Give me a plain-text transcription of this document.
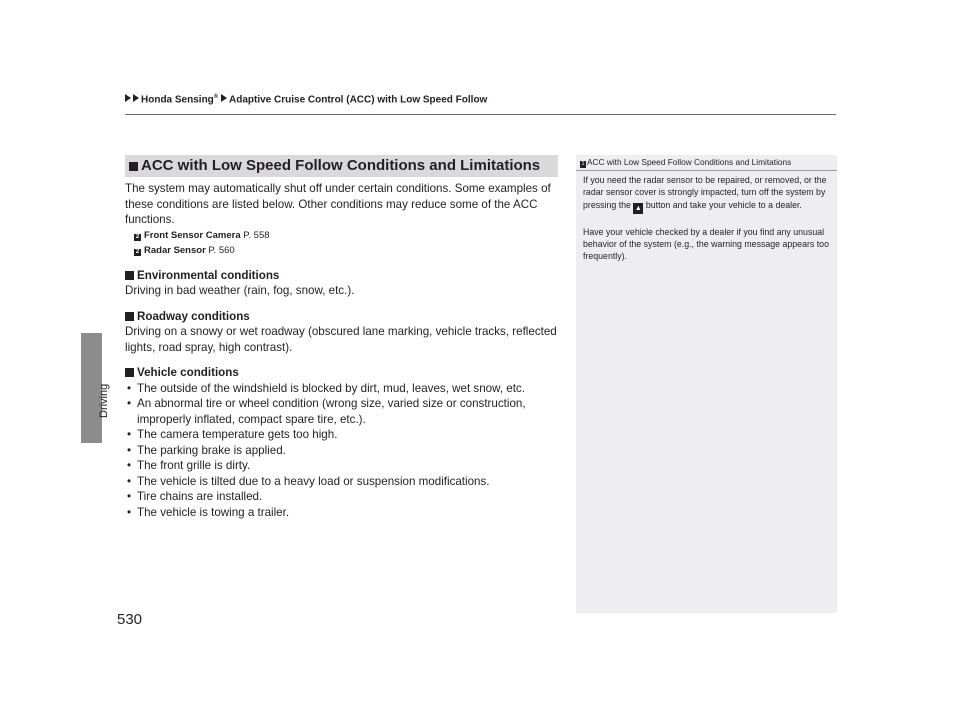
Honda Sensing® Adaptive Cruise Control (ACC) with Low Speed Follow
Driving
ACC with Low Speed Follow Conditions and Limitations

The system may automatically shut off under certain conditions. Some examples of these conditions are listed below. Other conditions may reduce some of the ACC functions.

2 Front Sensor Camera P. 558
2 Radar Sensor P. 560
Environmental conditions

Driving in bad weather (rain, fog, snow, etc.).

Roadway conditions

Driving on a snowy or wet roadway (obscured lane marking, vehicle tracks, reflected lights, road spray, high contrast).

Vehicle conditions
• The outside of the windshield is blocked by dirt, mud, leaves, wet snow, etc.
• An abnormal tire or wheel condition (wrong size, varied size or construction, improperly inflated, compact spare tire, etc.).
• The camera temperature gets too high.
• The parking brake is applied.
• The front grille is dirty.
• The vehicle is tilted due to a heavy load or suspension modifications.
• Tire chains are installed.
• The vehicle is towing a trailer.
1 ACC with Low Speed Follow Conditions and Limitations

If you need the radar sensor to be repaired, or removed, or the radar sensor cover is strongly impacted, turn off the system by pressing the ▲ button and take your vehicle to a dealer.

Have your vehicle checked by a dealer if you find any unusual behavior of the system (e.g., the warning message appears too frequently).

530
